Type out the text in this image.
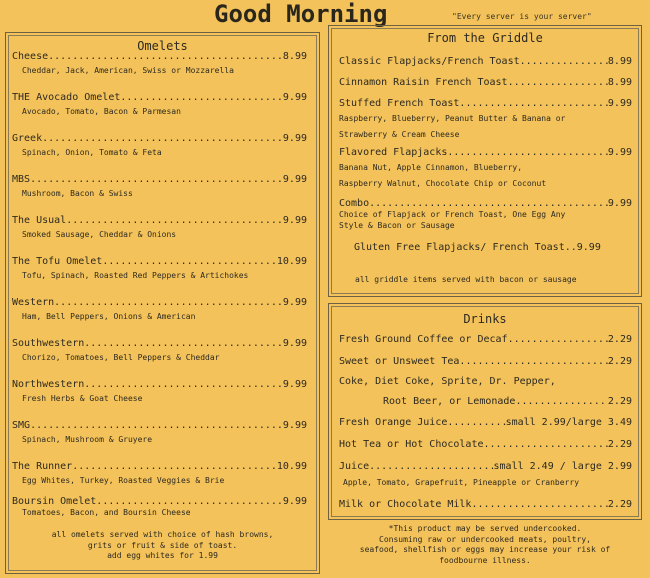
Good Morning	"Every server is your server"
Omelets
Cheese .....	8.99
Cheddar, Jack, American, Swiss or Mozzarella
THE Avocado Omelet .....	9.99
Avocado, Tomato, Bacon & Parmesan
Greek .....	9.99
Spinach, Onion, Tomato & Feta
MBS .....	9.99
Mushroom, Bacon & Swiss
The Usual .....	9.99
Smoked Sausage, Cheddar & Onions
The Tofu Omelet .....	10.99
Tofu, Spinach, Roasted Red Peppers & Artichokes
Western .....	9.99
Ham, Bell Peppers, Onions & American
Southwestern .....	9.99
Chorizo, Tomatoes, Bell Peppers & Cheddar
Northwestern .....	9.99
Fresh Herbs & Goat Cheese
SMG .....	9.99
Spinach, Mushroom & Gruyere
The Runner .....	10.99
Egg Whites, Turkey, Roasted Veggies & Brie
Boursin Omelet .....	9.99
Tomatoes, Bacon, and Boursin Cheese
all omelets served with choice of hash browns,
grits or fruit & side of toast.
add egg whites for 1.99
From the Griddle
Gluten Free Flapjacks/ French Toast..9.99
all griddle items served with bacon or sausage
Classic Flapjacks/French Toast .....	8.99
Cinnamon Raisin French Toast .....	8.99
Stuffed French Toast .....	9.99
Raspberry, Blueberry, Peanut Butter & Banana or
Strawberry & Cream Cheese
Flavored Flapjacks .....	9.99
Banana Nut, Apple Cinnamon, Blueberry,
Raspberry Walnut, Chocolate Chip or Coconut
Combo .....	9.99
Choice of Flapjack or French Toast, One Egg Any
Style & Bacon or Sausage
Drinks
Fresh Ground Coffee or Decaf .....	2.29
Sweet or Unsweet Tea .....	2.29
Coke, Diet Coke, Sprite, Dr. Pepper,
Root Beer, or Lemonade .....	2.29
Fresh Orange Juice .....	small 2.99/large 3.49
Hot Tea or Hot Chocolate .....	2.29
Juice .....	small 2.49 / large 2.99
Apple, Tomato, Grapefruit, Pineapple or Cranberry
Milk or Chocolate Milk .....	2.29
*This product may be served undercooked.
Consuming raw or undercooked meats, poultry,
seafood, shellfish or eggs may increase your risk of
foodbourne illness.
